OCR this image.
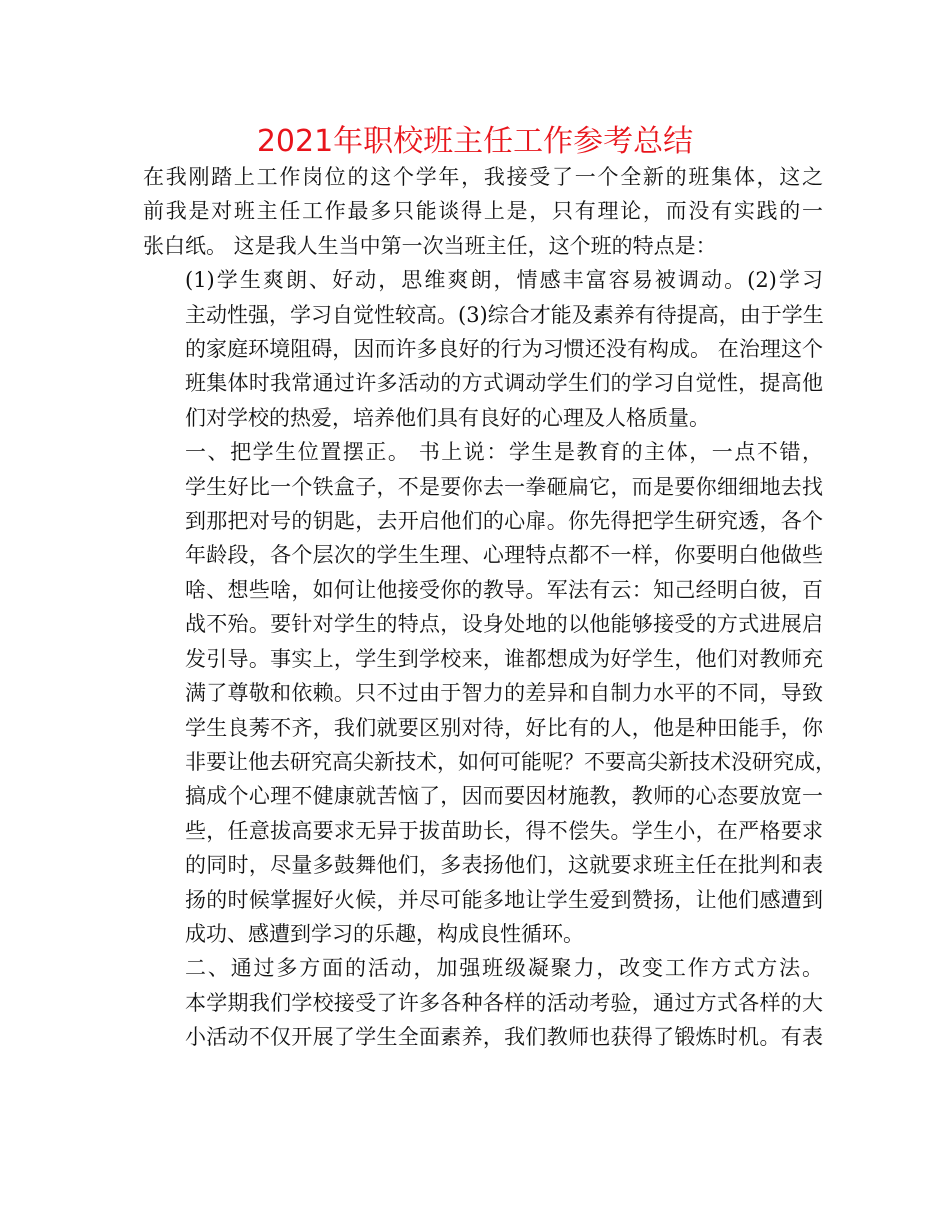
2021年职校班主任工作参考总结

在我刚踏上工作岗位的这个学年，我接受了一个全新的班集体，这之
前我是对班主任工作最多只能谈得上是，只有理论，而没有实践的一
张白纸。 这是我人生当中第一次当班主任，这个班的特点是：

(1)学生爽朗、好动，思维爽朗，情感丰富容易被调动。(2)学习
主动性强，学习自觉性较高。(3)综合才能及素养有待提高，由于学生
的家庭环境阻碍，因而许多良好的行为习惯还没有构成。 在治理这个
班集体时我常通过许多活动的方式调动学生们的学习自觉性，提高他
们对学校的热爱，培养他们具有良好的心理及人格质量。

一、把学生位置摆正。 书上说：学生是教育的主体，一点不错，
学生好比一个铁盒子，不是要你去一拳砸扁它，而是要你细细地去找
到那把对号的钥匙，去开启他们的心扉。你先得把学生研究透，各个
年龄段，各个层次的学生生理、心理特点都不一样，你要明白他做些
啥、想些啥，如何让他接受你的教导。军法有云：知己经明白彼，百
战不殆。要针对学生的特点，设身处地的以他能够接受的方式进展启
发引导。事实上，学生到学校来，谁都想成为好学生，他们对教师充
满了尊敬和依赖。只不过由于智力的差异和自制力水平的不同，导致
学生良莠不齐，我们就要区别对待，好比有的人，他是种田能手，你
非要让他去研究高尖新技术，如何可能呢？不要高尖新技术没研究成，
搞成个心理不健康就苦恼了，因而要因材施教，教师的心态要放宽一
些，任意拔高要求无异于拔苗助长，得不偿失。学生小，在严格要求
的同时，尽量多鼓舞他们，多表扬他们，这就要求班主任在批判和表
扬的时候掌握好火候，并尽可能多地让学生爱到赞扬，让他们感遭到
成功、感遭到学习的乐趣，构成良性循环。

二、通过多方面的活动，加强班级凝聚力，改变工作方式方法。
本学期我们学校接受了许多各种各样的活动考验，通过方式各样的大
小活动不仅开展了学生全面素养，我们教师也获得了锻炼时机。有表
